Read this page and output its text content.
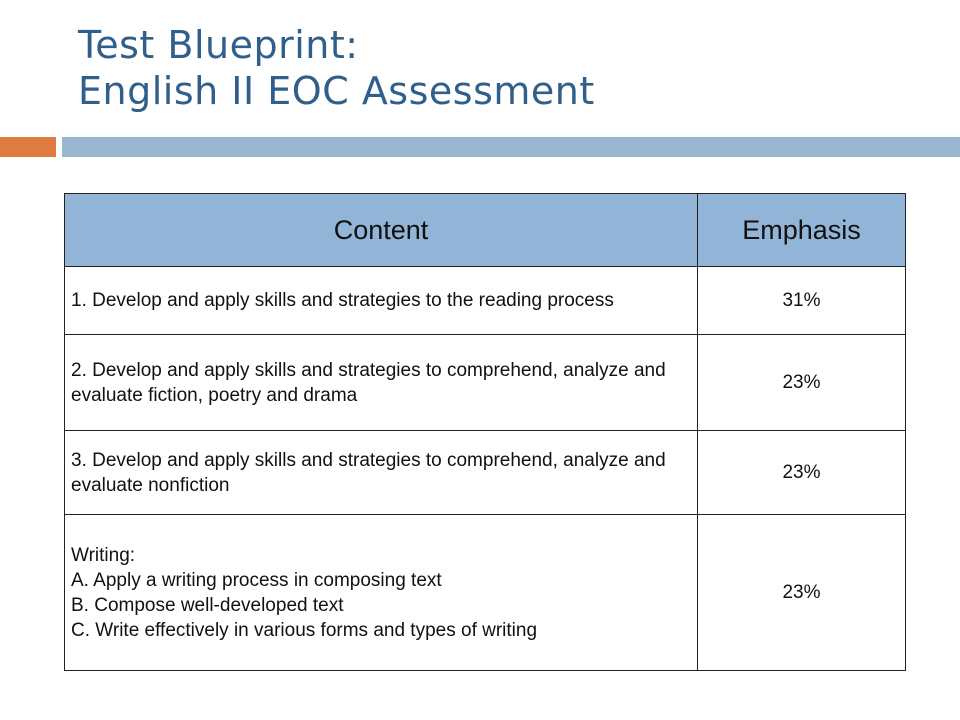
Test Blueprint:
English II EOC Assessment
Content	Emphasis
1. Develop and apply skills and strategies to the reading process	31%
2. Develop and apply skills and strategies to comprehend, analyze and evaluate fiction, poetry and drama	23%
3. Develop and apply skills and strategies to comprehend, analyze and evaluate nonfiction	23%
Writing:
A. Apply a writing process in composing text
B. Compose well-developed text
C. Write effectively in various forms and types of writing	23%
